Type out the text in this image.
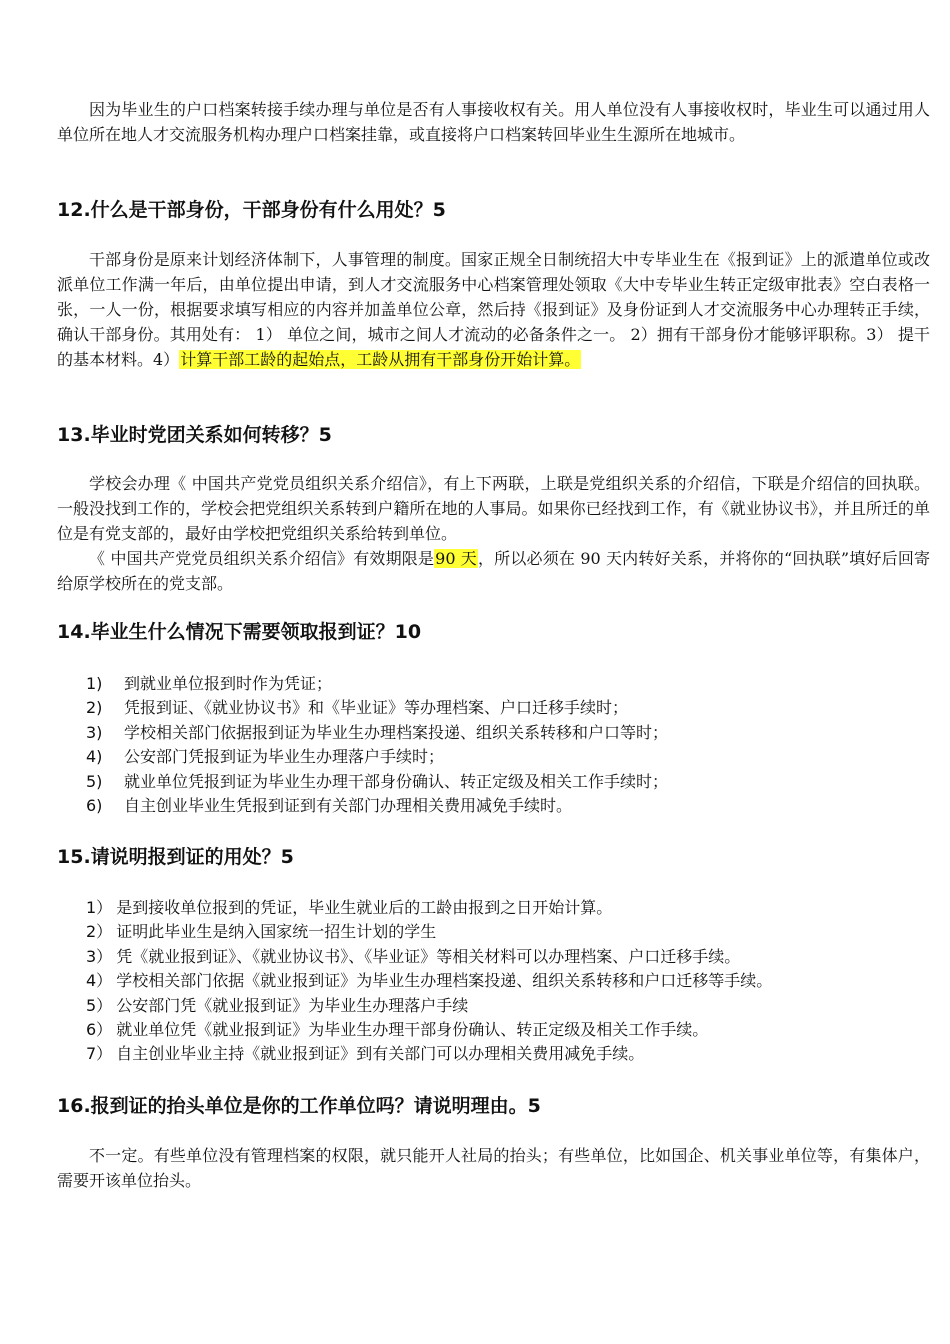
因为毕业生的户口档案转接手续办理与单位是否有人事接收权有关。用人单位没有人事接收权时，毕业生可以通过用人单位所在地人才交流服务机构办理户口档案挂靠，或直接将户口档案转回毕业生生源所在地城市。

12.什么是干部身份，干部身份有什么用处？5

干部身份是原来计划经济体制下，人事管理的制度。国家正规全日制统招大中专毕业生在《报到证》上的派遣单位或改派单位工作满一年后，由单位提出申请，到人才交流服务中心档案管理处领取《大中专毕业生转正定级审批表》空白表格一张，一人一份，根据要求填写相应的内容并加盖单位公章，然后持《报到证》及身份证到人才交流服务中心办理转正手续，确认干部身份。其用处有： 1） 单位之间，城市之间人才流动的必备条件之一。 2）拥有干部身份才能够评职称。3） 提干的基本材料。4）计算干部工龄的起始点，工龄从拥有干部身份开始计算。

13.毕业时党团关系如何转移？5

学校会办理《 中国共产党党员组织关系介绍信》，有上下两联，上联是党组织关系的介绍信，下联是介绍信的回执联。一般没找到工作的，学校会把党组织关系转到户籍所在地的人事局。如果你已经找到工作，有《就业协议书》，并且所迁的单位是有党支部的，最好由学校把党组织关系给转到单位。

《 中国共产党党员组织关系介绍信》有效期限是90 天，所以必须在 90 天内转好关系，并将你的“回执联”填好后回寄给原学校所在的党支部。

14.毕业生什么情况下需要领取报到证？10
1) 到就业单位报到时作为凭证；
2) 凭报到证、《就业协议书》和《毕业证》等办理档案、户口迁移手续时；
3) 学校相关部门依据报到证为毕业生办理档案投递、组织关系转移和户口等时；
4) 公安部门凭报到证为毕业生办理落户手续时；
5) 就业单位凭报到证为毕业生办理干部身份确认、转正定级及相关工作手续时；
6) 自主创业毕业生凭报到证到有关部门办理相关费用减免手续时。
15.请说明报到证的用处？5
1） 是到接收单位报到的凭证，毕业生就业后的工龄由报到之日开始计算。
2） 证明此毕业生是纳入国家统一招生计划的学生
3） 凭《就业报到证》、《就业协议书》、《毕业证》等相关材料可以办理档案、户口迁移手续。
4） 学校相关部门依据《就业报到证》为毕业生办理档案投递、组织关系转移和户口迁移等手续。
5） 公安部门凭《就业报到证》为毕业生办理落户手续
6） 就业单位凭《就业报到证》为毕业生办理干部身份确认、转正定级及相关工作手续。
7） 自主创业毕业主持《就业报到证》到有关部门可以办理相关费用减免手续。
16.报到证的抬头单位是你的工作单位吗？请说明理由。5

不一定。有些单位没有管理档案的权限，就只能开人社局的抬头；有些单位，比如国企、机关事业单位等，有集体户，需要开该单位抬头。
